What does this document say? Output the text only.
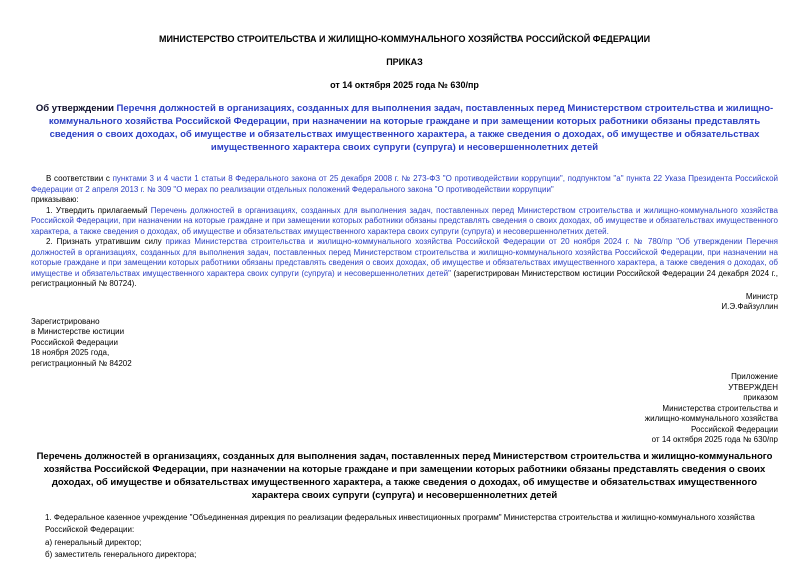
МИНИСТЕРСТВО СТРОИТЕЛЬСТВА И ЖИЛИЩНО-КОММУНАЛЬНОГО ХОЗЯЙСТВА РОССИЙСКОЙ ФЕДЕРАЦИИ
ПРИКАЗ
от 14 октября 2025 года № 630/пр
Об утверждении Перечня должностей в организациях, созданных для выполнения задач, поставленных перед Министерством строительства и жилищно-коммунального хозяйства Российской Федерации, при назначении на которые граждане и при замещении которых работники обязаны представлять сведения о своих доходах, об имуществе и обязательствах имущественного характера, а также сведения о доходах, об имуществе и обязательствах имущественного характера своих супруги (супруга) и несовершеннолетних детей

В соответствии с пунктами 3 и 4 части 1 статьи 8 Федерального закона от 25 декабря 2008 г. № 273-ФЗ "О противодействии коррупции", подпунктом "а" пункта 22 Указа Президента Российской Федерации от 2 апреля 2013 г. № 309 "О мерах по реализации отдельных положений Федерального закона "О противодействии коррупции"

приказываю:

1. Утвердить прилагаемый Перечень должностей в организациях, созданных для выполнения задач, поставленных перед Министерством строительства и жилищно-коммунального хозяйства Российской Федерации, при назначении на которые граждане и при замещении которых работники обязаны представлять сведения о своих доходах, об имуществе и обязательствах имущественного характера, а также сведения о доходах, об имуществе и обязательствах имущественного характера своих супруги (супруга) и несовершеннолетних детей.

2. Признать утратившим силу приказ Министерства строительства и жилищно-коммунального хозяйства Российской Федерации от 20 ноября 2024 г. № 780/пр "Об утверждении Перечня должностей в организациях, созданных для выполнения задач, поставленных перед Министерством строительства и жилищно-коммунального хозяйства Российской Федерации, при назначении на которые граждане и при замещении которых работники обязаны представлять сведения о своих доходах, об имуществе и обязательствах имущественного характера, а также сведения о доходах, об имуществе и обязательствах имущественного характера своих супруги (супруга) и несовершеннолетних детей" (зарегистрирован Министерством юстиции Российской Федерации 24 декабря 2024 г., регистрационный № 80724).

Министр
И.Э.Файзуллин
Зарегистрировано
в Министерстве юстиции
Российской Федерации
18 ноября 2025 года,
регистрационный № 84202
Приложение
УТВЕРЖДЕН
приказом
Министерства строительства и
жилищно-коммунального хозяйства
Российской Федерации
от 14 октября 2025 года № 630/пр
Перечень должностей в организациях, созданных для выполнения задач, поставленных перед Министерством строительства и жилищно-коммунального хозяйства Российской Федерации, при назначении на которые граждане и при замещении которых работники обязаны представлять сведения о своих доходах, об имуществе и обязательствах имущественного характера, а также сведения о доходах, об имуществе и обязательствах имущественного характера своих супруги (супруга) и несовершеннолетних детей
1. Федеральное казенное учреждение "Объединенная дирекция по реализации федеральных инвестиционных программ" Министерства строительства и жилищно-коммунального хозяйства Российской Федерации:
а) генеральный директор;
б) заместитель генерального директора;
